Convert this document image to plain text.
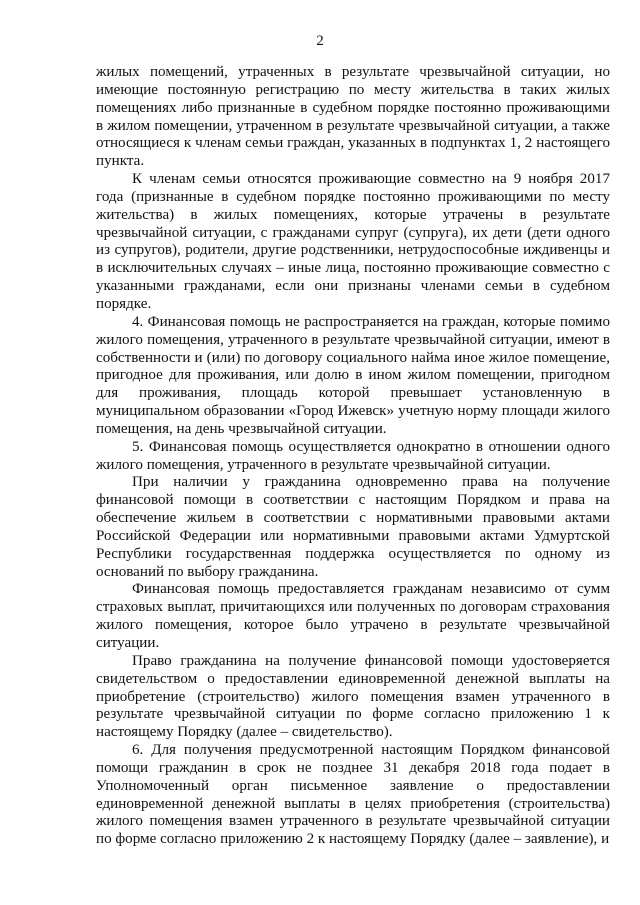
2

жилых помещений, утраченных в результате чрезвычайной ситуации, но имеющие постоянную регистрацию по месту жительства в таких жилых помещениях либо признанные в судебном порядке постоянно проживающими в жилом помещении, утраченном в результате чрезвычайной ситуации, а также относящиеся к членам семьи граждан, указанных в подпунктах 1, 2 настоящего пункта.

К членам семьи относятся проживающие совместно на 9 ноября 2017 года (признанные в судебном порядке постоянно проживающими по месту жительства) в жилых помещениях, которые утрачены в результате чрезвычайной ситуации, с гражданами супруг (супруга), их дети (дети одного из супругов), родители, другие родственники, нетрудоспособные иждивенцы и в исключительных случаях – иные лица, постоянно проживающие совместно с указанными гражданами, если они признаны членами семьи в судебном порядке.

4. Финансовая помощь не распространяется на граждан, которые помимо жилого помещения, утраченного в результате чрезвычайной ситуации, имеют в собственности и (или) по договору социального найма иное жилое помещение, пригодное для проживания, или долю в ином жилом помещении, пригодном для проживания, площадь которой превышает установленную в муниципальном образовании «Город Ижевск» учетную норму площади жилого помещения, на день чрезвычайной ситуации.

5. Финансовая помощь осуществляется однократно в отношении одного жилого помещения, утраченного в результате чрезвычайной ситуации.

При наличии у гражданина одновременно права на получение финансовой помощи в соответствии с настоящим Порядком и права на обеспечение жильем в соответствии с нормативными правовыми актами Российской Федерации или нормативными правовыми актами Удмуртской Республики государственная поддержка осуществляется по одному из оснований по выбору гражданина.

Финансовая помощь предоставляется гражданам независимо от сумм страховых выплат, причитающихся или полученных по договорам страхования жилого помещения, которое было утрачено в результате чрезвычайной ситуации.

Право гражданина на получение финансовой помощи удостоверяется свидетельством о предоставлении единовременной денежной выплаты на приобретение (строительство) жилого помещения взамен утраченного в результате чрезвычайной ситуации по форме согласно приложению 1 к настоящему Порядку (далее – свидетельство).

6. Для получения предусмотренной настоящим Порядком финансовой помощи гражданин в срок не позднее 31 декабря 2018 года подает в Уполномоченный орган письменное заявление о предоставлении единовременной денежной выплаты в целях приобретения (строительства) жилого помещения взамен утраченного в результате чрезвычайной ситуации по форме согласно приложению 2 к настоящему Порядку (далее – заявление), и
